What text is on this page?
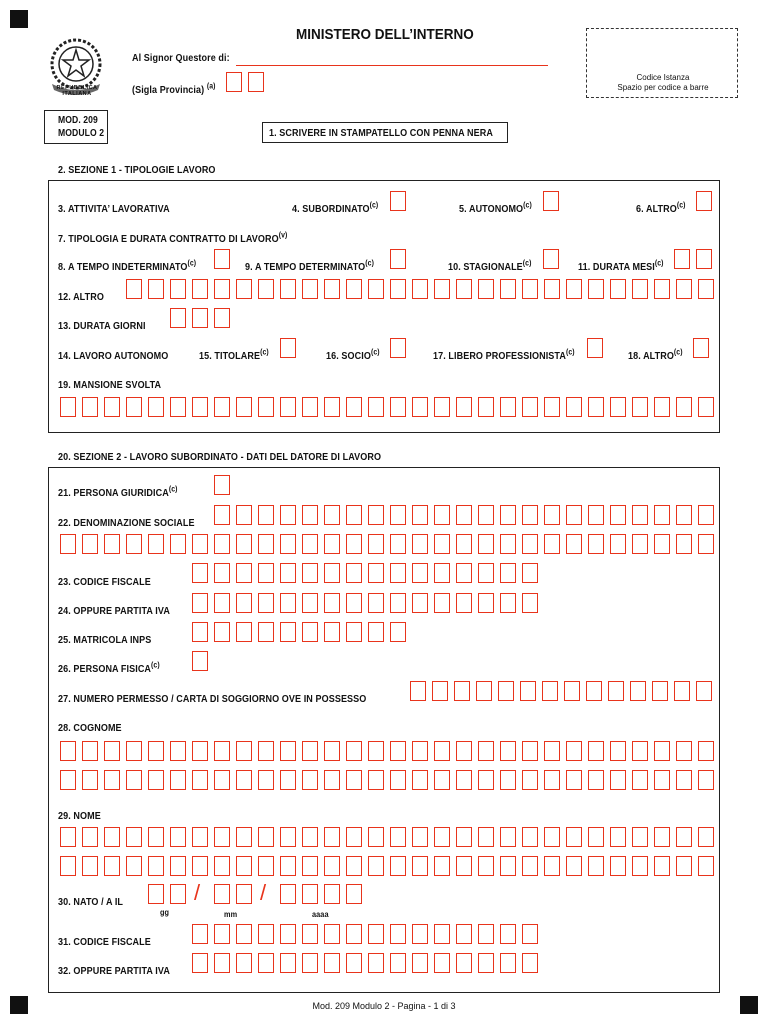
REPUBBLICA ITALIANA
MINISTERO DELL’INTERNO
Al Signor Questore di:
(Sigla Provincia) $^{(a)}$
Codice Istanza
Spazio per codice a barre
MOD. 209
MODULO 2	1. SCRIVERE IN STAMPATELLO CON PENNA NERA
2. SEZIONE 1 - TIPOLOGIE LAVORO
3. ATTIVITA’ LAVORATIVA	4. SUBORDINATO$^{(c)}$	5. AUTONOMO$^{(c)}$	6. ALTRO$^{(c)}$
7. TIPOLOGIA E DURATA CONTRATTO DI LAVORO$^{(v)}$
8. A TEMPO INDETERMINATO$^{(c)}$	9. A TEMPO DETERMINATO$^{(c)}$	10. STAGIONALE$^{(c)}$	11. DURATA MESI$^{(c)}$
12. ALTRO
13. DURATA GIORNI
14. LAVORO AUTONOMO	15. TITOLARE$^{(c)}$	16. SOCIO$^{(c)}$	17. LIBERO PROFESSIONISTA$^{(c)}$	18. ALTRO$^{(c)}$
19. MANSIONE SVOLTA
20. SEZIONE 2 - LAVORO SUBORDINATO - DATI DEL DATORE DI LAVORO
21. PERSONA GIURIDICA$^{(c)}$
22. DENOMINAZIONE SOCIALE
23. CODICE FISCALE
24. OPPURE PARTITA IVA
25. MATRICOLA INPS
26. PERSONA FISICA$^{(c)}$
27. NUMERO PERMESSO / CARTA DI SOGGIORNO OVE IN POSSESSO
28. COGNOME
29. NOME
30. NATO / A IL	/	/
gg	mm	aaaa
31. CODICE FISCALE
32. OPPURE PARTITA IVA
Mod. 209 Modulo 2 - Pagina - 1 di 3
